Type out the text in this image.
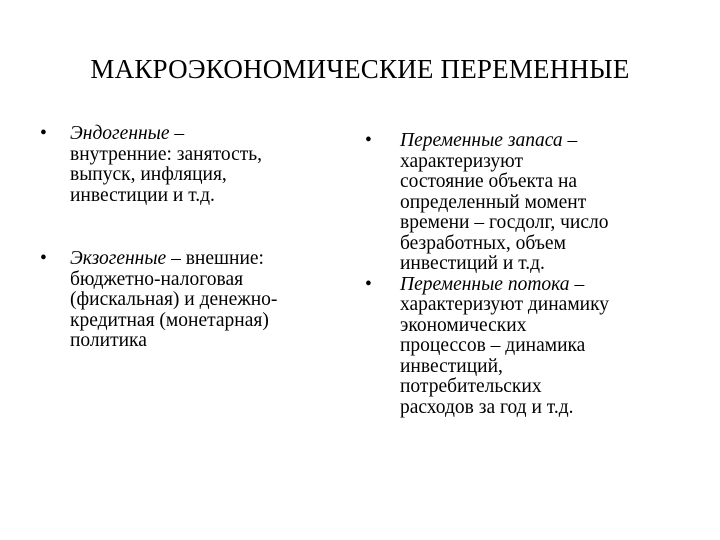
МАКРОЭКОНОМИЧЕСКИЕ ПЕРЕМЕННЫЕ
•	Эндогенные –
внутренние: занятость,
выпуск, инфляция,
инвестиции и т.д.
•	Экзогенные – внешние:
бюджетно-налоговая
(фискальная) и денежно-
кредитная (монетарная)
политика
•	Переменные запаса –
характеризуют
состояние объекта на
определенный момент
времени – госдолг, число
безработных, объем
инвестиций и т.д.
•	Переменные потока –
характеризуют динамику
экономических
процессов – динамика
инвестиций,
потребительских
расходов за год и т.д.
